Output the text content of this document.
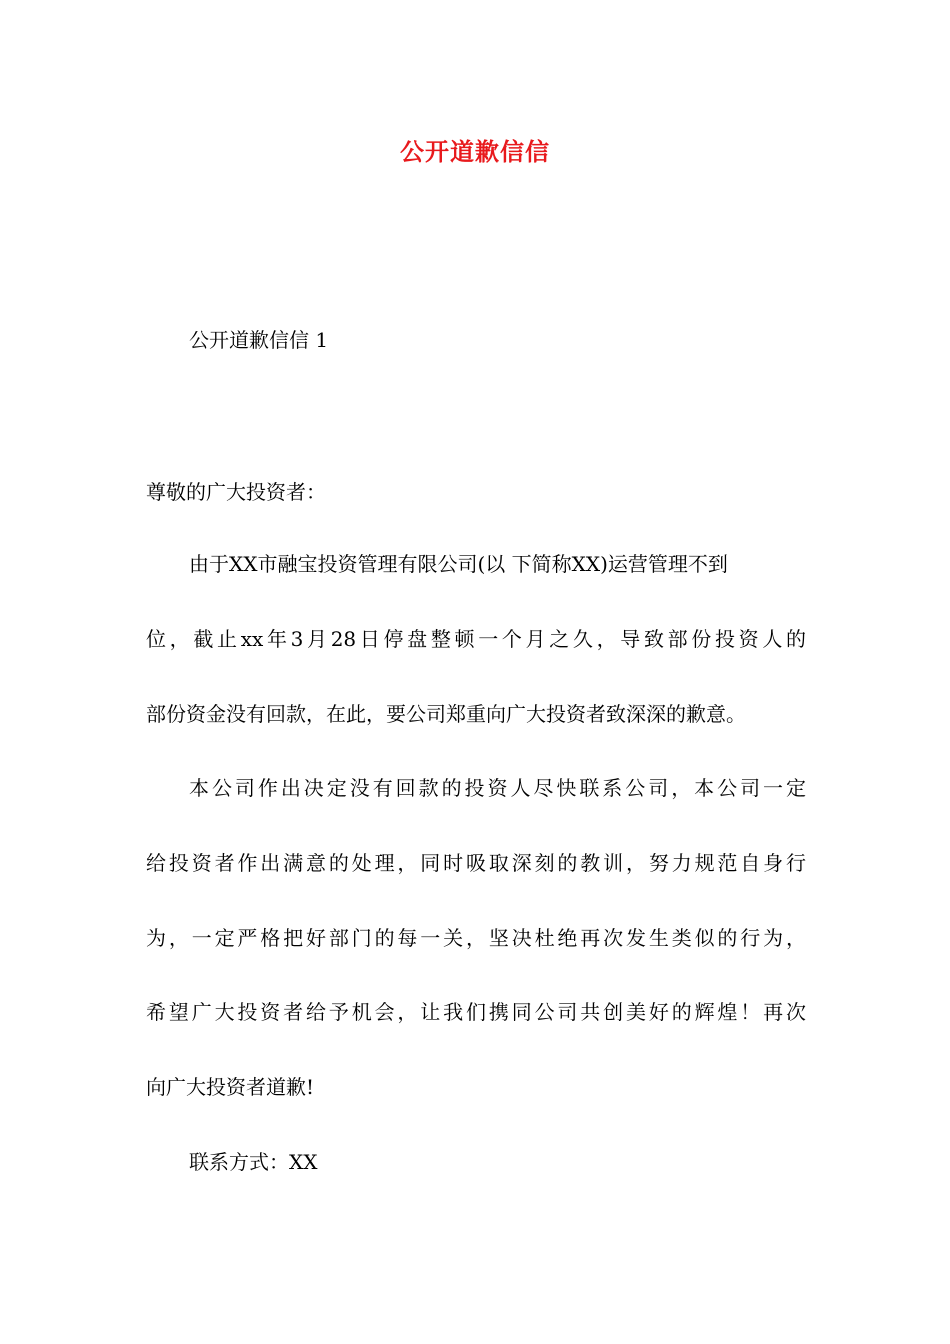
公开道歉信信
公开道歉信信 1
尊敬的广大投资者：
由于XX市融宝投资管理有限公司(以 下简称XX)运营管理不到
位，截止xx年3月28日停盘整顿一个月之久，导致部份投资人的
部份资金没有回款，在此，要公司郑重向广大投资者致深深的歉意。
本公司作出决定没有回款的投资人尽快联系公司，本公司一定
给投资者作出满意的处理，同时吸取深刻的教训，努力规范自身行
为，一定严格把好部门的每一关，坚决杜绝再次发生类似的行为，
希望广大投资者给予机会，让我们携同公司共创美好的辉煌！再次
向广大投资者道歉!
联系方式：XX
